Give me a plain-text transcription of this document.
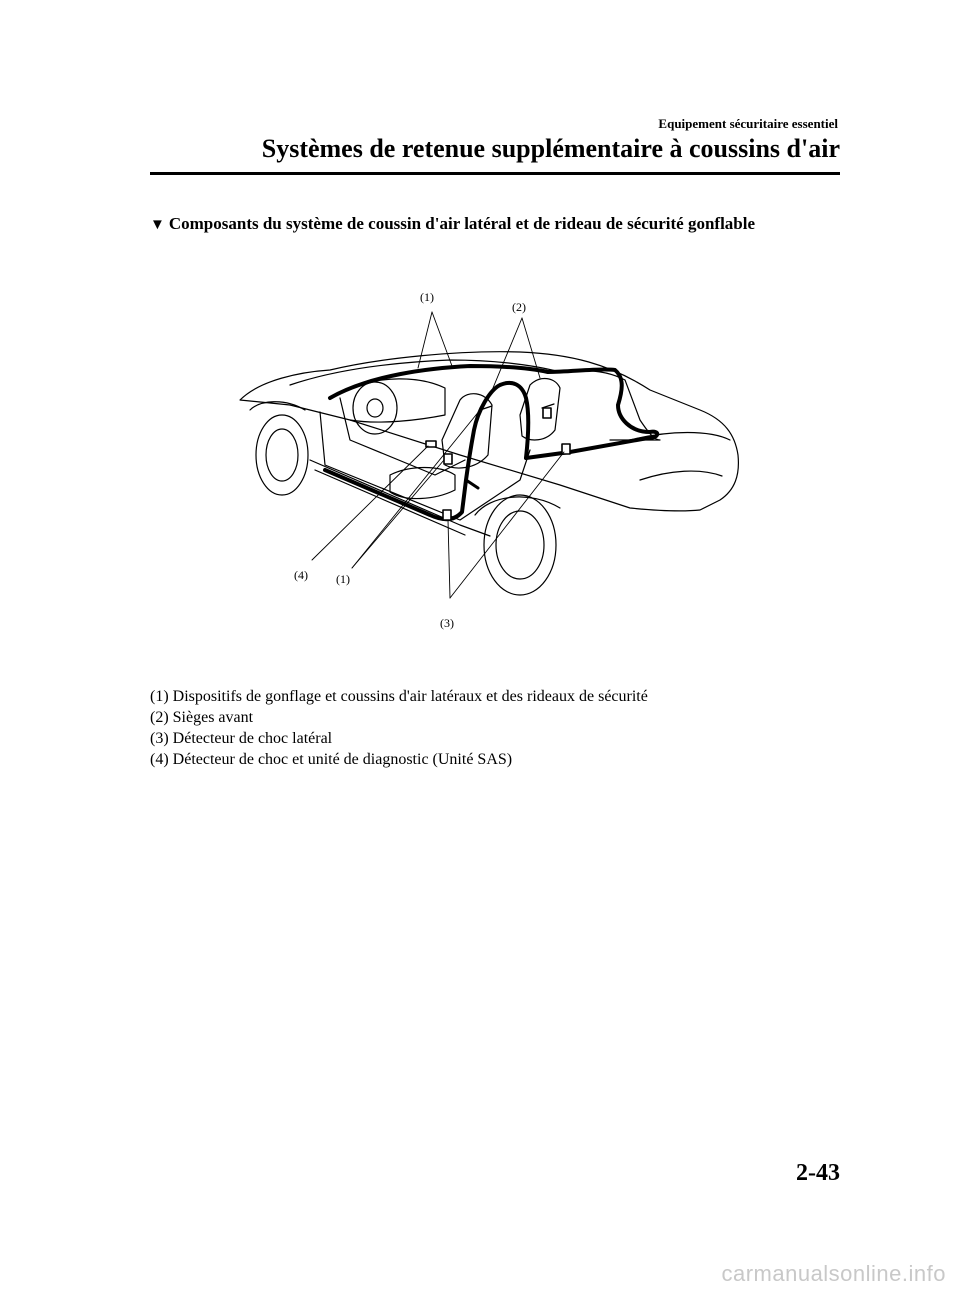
Equipement sécuritaire essentiel
Systèmes de retenue supplémentaire à coussins d'air
▼ Composants du système de coussin d'air latéral et de rideau de sécurité gonflable
(1)
(2)
(4) (1)
(3)
(1) Dispositifs de gonflage et coussins d'air latéraux et des rideaux de sécurité
(2) Sièges avant
(3) Détecteur de choc latéral
(4) Détecteur de choc et unité de diagnostic (Unité SAS)
2-43
carmanualsonline.info
